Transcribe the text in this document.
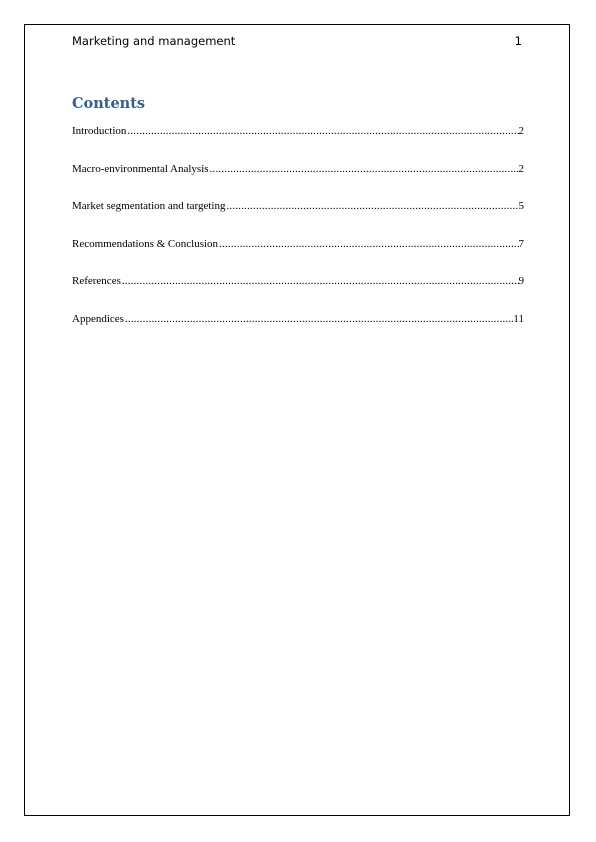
Marketing and management	1
Contents
Introduction .....	2
Macro-environmental Analysis .....	2
Market segmentation and targeting .....	5
Recommendations & Conclusion .....	7
References .....	9
Appendices .....	11
